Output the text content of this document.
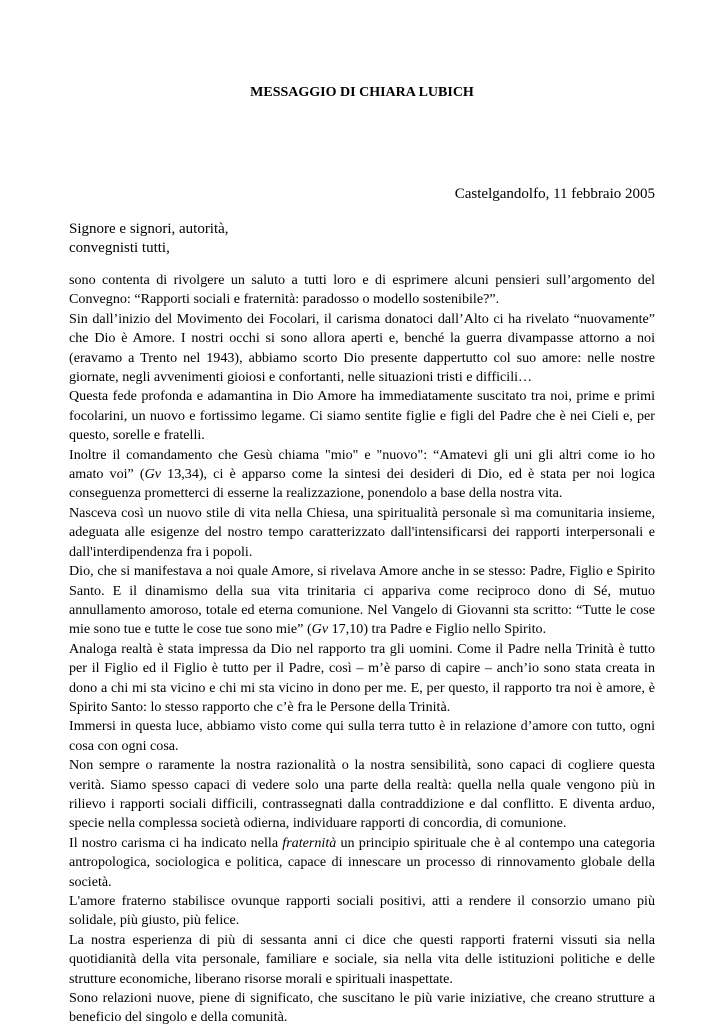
MESSAGGIO DI CHIARA LUBICH
Castelgandolfo, 11 febbraio 2005
Signore e signori, autorità,
convegnisti tutti,

sono contenta di rivolgere un saluto a tutti loro e di esprimere alcuni pensieri sull’argomento del Convegno: “Rapporti sociali e fraternità: paradosso o modello sostenibile?”.

Sin dall’inizio del Movimento dei Focolari, il carisma donatoci dall’Alto ci ha rivelato “nuovamente” che Dio è Amore. I nostri occhi si sono allora aperti e, benché la guerra divampasse attorno a noi (eravamo a Trento nel 1943), abbiamo scorto Dio presente dappertutto col suo amore: nelle nostre giornate, negli avvenimenti gioiosi e confortanti, nelle situazioni tristi e difficili…

Questa fede profonda e adamantina in Dio Amore ha immediatamente suscitato tra noi, prime e primi focolarini, un nuovo e fortissimo legame. Ci siamo sentite figlie e figli del Padre che è nei Cieli e, per questo, sorelle e fratelli.

Inoltre il comandamento che Gesù chiama "mio" e "nuovo": “Amatevi gli uni gli altri come io ho amato voi” (Gv 13,34), ci è apparso come la sintesi dei desideri di Dio, ed è stata per noi logica conseguenza prometterci di esserne la realizzazione, ponendolo a base della nostra vita.

Nasceva così un nuovo stile di vita nella Chiesa, una spiritualità personale sì ma comunitaria insieme, adeguata alle esigenze del nostro tempo caratterizzato dall'intensificarsi dei rapporti interpersonali e dall'interdipendenza fra i popoli.

Dio, che si manifestava a noi quale Amore, si rivelava Amore anche in se stesso: Padre, Figlio e Spirito Santo. E il dinamismo della sua vita trinitaria ci appariva come reciproco dono di Sé, mutuo annullamento amoroso, totale ed eterna comunione. Nel Vangelo di Giovanni sta scritto: “Tutte le cose mie sono tue e tutte le cose tue sono mie” (Gv 17,10) tra Padre e Figlio nello Spirito.

Analoga realtà è stata impressa da Dio nel rapporto tra gli uomini. Come il Padre nella Trinità è tutto per il Figlio ed il Figlio è tutto per il Padre, così – m’è parso di capire – anch’io sono stata creata in dono a chi mi sta vicino e chi mi sta vicino in dono per me. E, per questo, il rapporto tra noi è amore, è Spirito Santo: lo stesso rapporto che c’è fra le Persone della Trinità.

Immersi in questa luce, abbiamo visto come qui sulla terra tutto è in relazione d’amore con tutto, ogni cosa con ogni cosa.

Non sempre o raramente la nostra razionalità o la nostra sensibilità, sono capaci di cogliere questa verità. Siamo spesso capaci di vedere solo una parte della realtà: quella nella quale vengono più in rilievo i rapporti sociali difficili, contrassegnati dalla contraddizione e dal conflitto. E diventa arduo, specie nella complessa società odierna, individuare rapporti di concordia, di comunione.

Il nostro carisma ci ha indicato nella fraternità un principio spirituale che è al contempo una categoria antropologica, sociologica e politica, capace di innescare un processo di rinnovamento globale della società.

L'amore fraterno stabilisce ovunque rapporti sociali positivi, atti a rendere il consorzio umano più solidale, più giusto, più felice.

La nostra esperienza di più di sessanta anni ci dice che questi rapporti fraterni vissuti sia nella quotidianità della vita personale, familiare e sociale, sia nella vita delle istituzioni politiche e delle strutture economiche, liberano risorse morali e spirituali inaspettate.

Sono relazioni nuove, piene di significato, che suscitano le più varie iniziative, che creano strutture a beneficio del singolo e della comunità.
